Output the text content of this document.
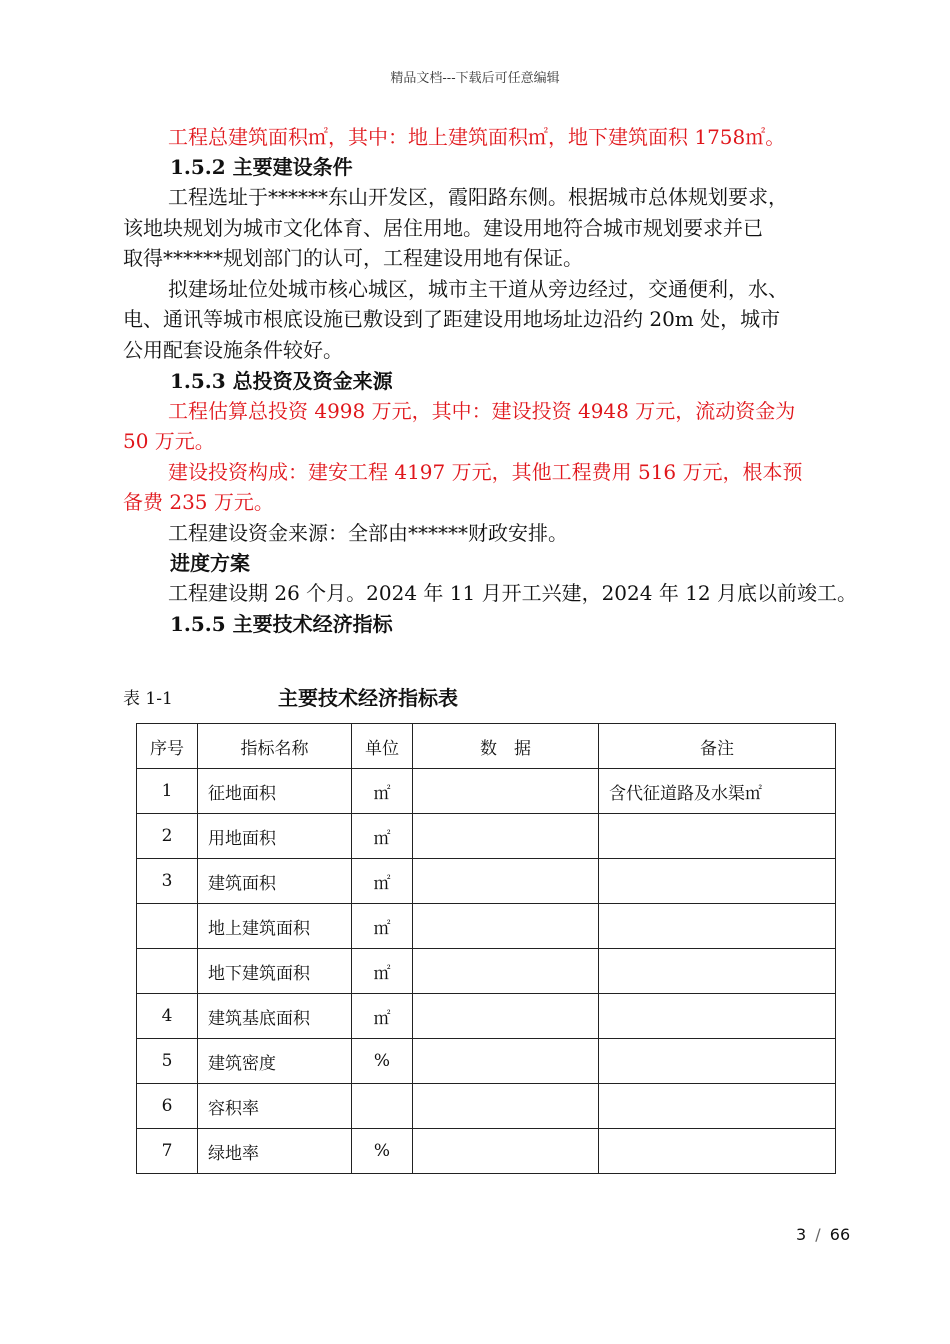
精品文档---下载后可任意编辑
工程总建筑面积㎡，其中：地上建筑面积㎡，地下建筑面积 1758㎡。
1.5.2 主要建设条件
工程选址于******东山开发区，霞阳路东侧。根据城市总体规划要求，
该地块规划为城市文化体育、居住用地。建设用地符合城市规划要求并已
取得******规划部门的认可，工程建设用地有保证。
拟建场址位处城市核心城区，城市主干道从旁边经过，交通便利，水、
电、通讯等城市根底设施已敷设到了距建设用地场址边沿约 20m 处，城市
公用配套设施条件较好。
1.5.3 总投资及资金来源
工程估算总投资 4998 万元，其中：建设投资 4948 万元，流动资金为
50 万元。
建设投资构成：建安工程 4197 万元，其他工程费用 516 万元，根本预
备费 235 万元。
工程建设资金来源：全部由******财政安排。
进度方案
工程建设期 26 个月。2024 年 11 月开工兴建，2024 年 12 月底以前竣工。
1.5.5 主要技术经济指标
表 1-1	主要技术经济指标表
序号	指标名称	单位	数　据	备注
1	征地面积	㎡		含代征道路及水渠㎡
2	用地面积	㎡		
3	建筑面积	㎡		
	地上建筑面积	㎡		
	地下建筑面积	㎡		
4	建筑基底面积	㎡		
5	建筑密度	%		
6	容积率			
7	绿地率	%		
3 / 66
